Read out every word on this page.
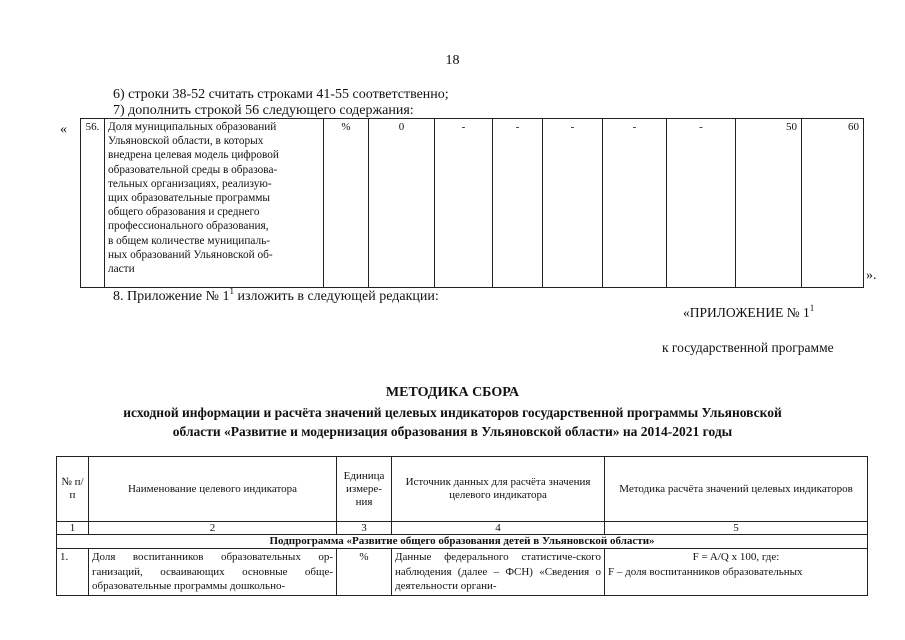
18
6) строки 38-52 считать строками 41-55 соответственно;
7) дополнить строкой 56 следующего содержания:
« 56.	Доля муниципальных образований
Ульяновской области, в которых
внедрена целевая модель цифровой
образовательной среды в образова-
тельных организациях, реализую-
щих образовательные программы
общего образования и среднего
профессионального образования,
в общем количестве муниципаль-
ных образований Ульяновской об-
ласти
	%	0	-	-	-	-	-	50	60
».
8. Приложение № $1^1$ изложить в следующей редакции:
«ПРИЛОЖЕНИЕ № $1^1$
к государственной программе
МЕТОДИКА СБОРА
исходной информации и расчёта значений целевых индикаторов государственной программы Ульяновской
области «Развитие и модернизация образования в Ульяновской области» на 2014-2021 годы
№ п/п	Наименование целевого индикатора	Единица измере-ния	Источник данных для расчёта значения целевого индикатора	Методика расчёта значений целевых индикаторов
1	2	3	4	5
Подпрограмма «Развитие общего образования детей в Ульяновской области»				
1.	Доля воспитанников образовательных ор-ганизаций, осваивающих основные обще-образовательные программы дошкольно-	%	Данные федерального статистиче-ского наблюдения (далее – ФСН) «Сведения о деятельности органи-	F = A/Q x 100, где:
F – доля воспитанников образовательных
